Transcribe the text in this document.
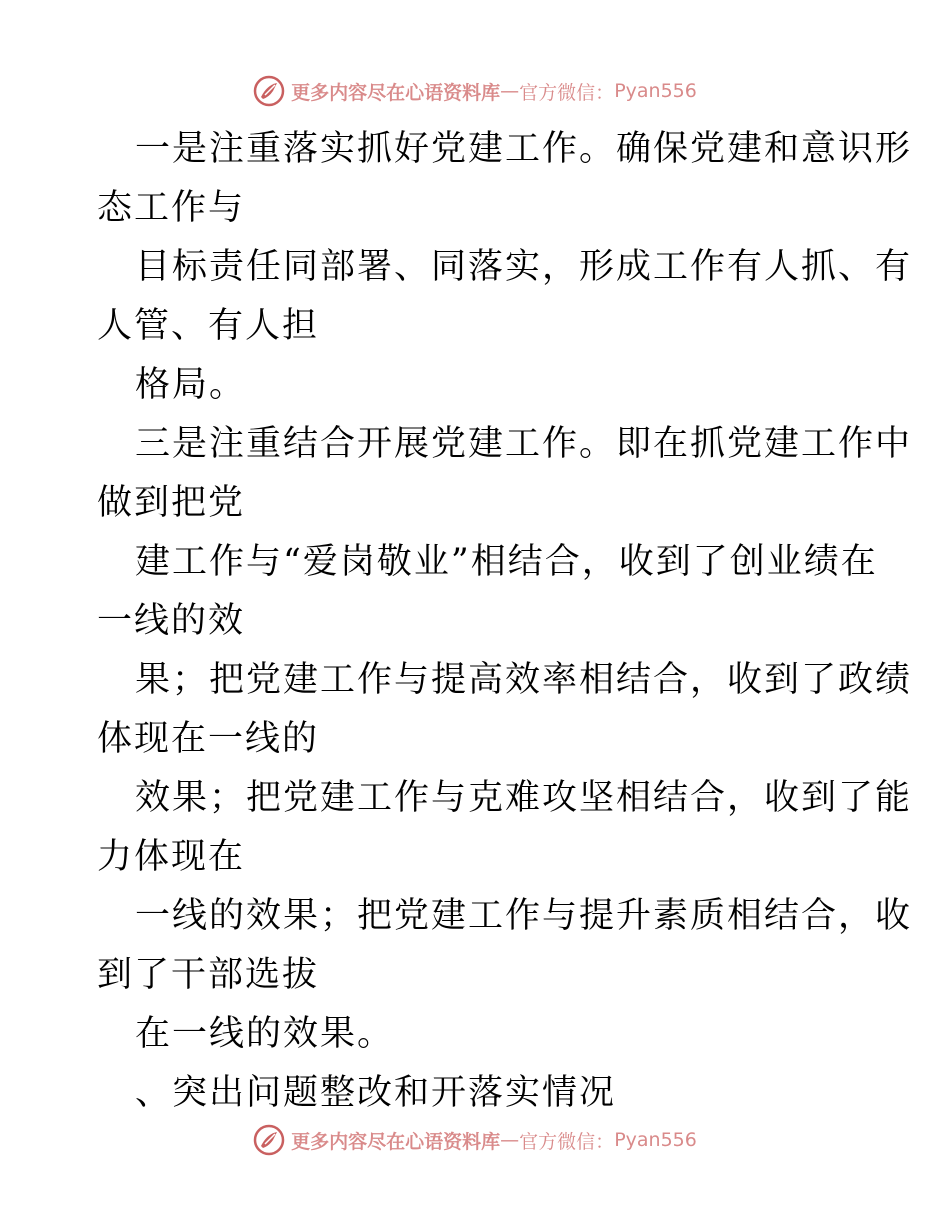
更多内容尽在心语资料库 — 官方微信： Pyan556
一是注重落实抓好党建工作。确保党建和意识形
态工作与
目标责任同部署、同落实，形成工作有人抓、有
人管、有人担
格局。
三是注重结合开展党建工作。即在抓党建工作中
做到把党
建工作与“爱岗敬业”相结合，收到了创业绩在
一线的效
果；把党建工作与提高效率相结合，收到了政绩
体现在一线的
效果；把党建工作与克难攻坚相结合，收到了能
力体现在
一线的效果；把党建工作与提升素质相结合，收
到了干部选拔
在一线的效果。
、突出问题整改和开落实情况
更多内容尽在心语资料库 — 官方微信： Pyan556
